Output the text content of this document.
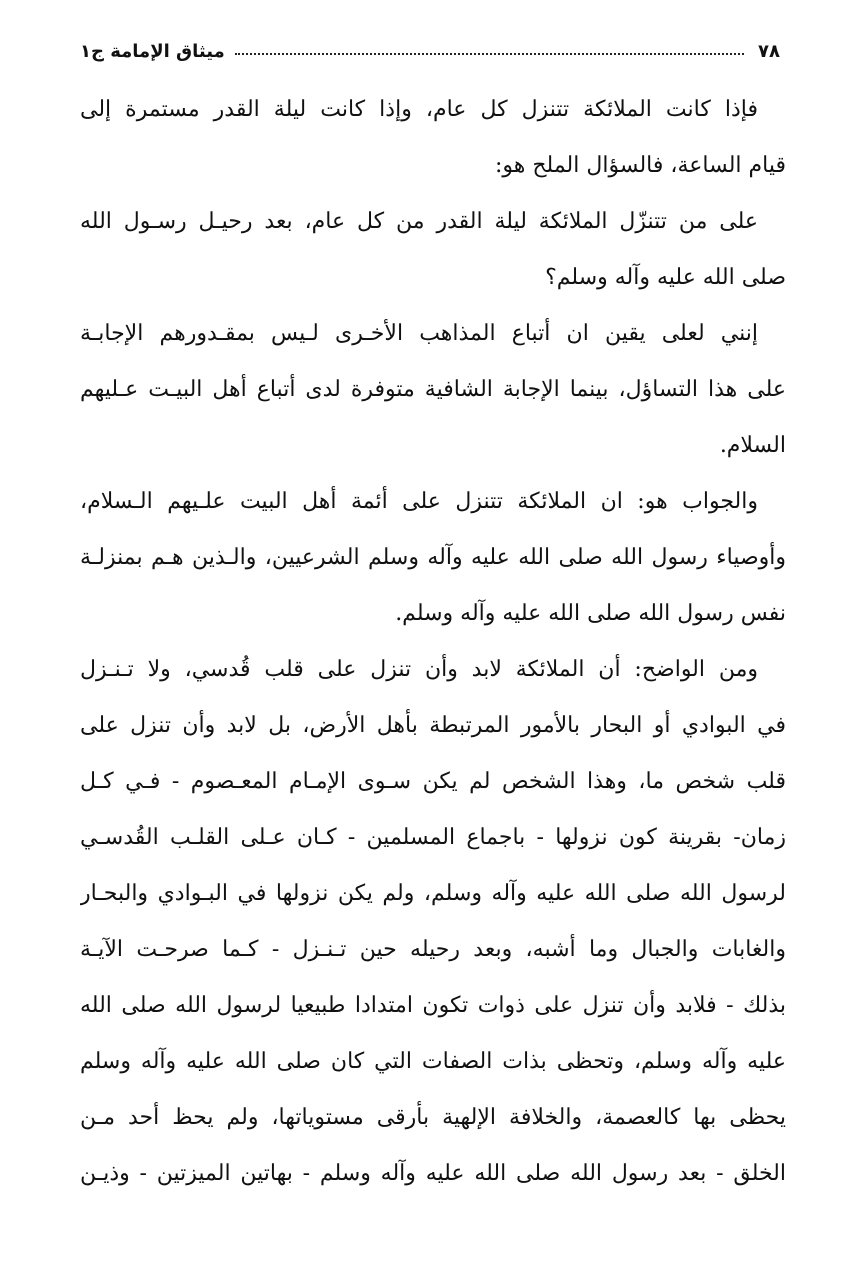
٧٨
ميثاق الإمامة ج١
فإذا كانت الملائكة تتنزل كل عام، وإذا كانت ليلة القدر مستمرة إلى
قيام الساعة، فالسؤال الملح هو:
على من تتنزّل الملائكة ليلة القدر من كل عام، بعد رحيـل رسـول الله
صلى الله عليه وآله وسلم؟
إنني لعلى يقين ان أتباع المذاهب الأخـرى لـيس بمقـدورهم الإجابـة
على هذا التساؤل، بينما الإجابة الشافية متوفرة لدى أتباع أهل البيـت عـليهم
السلام.
والجواب هو: ان الملائكة تتنزل على أئمة أهل البيت علـيهم الـسلام،
وأوصياء رسول الله صلى الله عليه وآله وسلم الشرعيين، والـذين هـم بمنزلـة
نفس رسول الله صلى الله عليه وآله وسلم.
ومن الواضح: أن الملائكة لابد وأن تنزل على قلب قُدسي، ولا تـنـزل
في البوادي أو البحار بالأمور المرتبطة بأهل الأرض، بل لابد وأن تنزل على
قلب شخص ما، وهذا الشخص لم يكن سـوى الإمـام المعـصوم - فـي كـل
زمان- بقرينة كون نزولها - باجماع المسلمين - كـان عـلى القلـب القُدسـي
لرسول الله صلى الله عليه وآله وسلم، ولم يكن نزولها في البـوادي والبحـار
والغابات والجبال وما أشبه، وبعد رحيله حين تـنـزل - كـما صرحـت الآيـة
بذلك - فلابد وأن تنزل على ذوات تكون امتدادا طبيعيا لرسول الله صلى الله
عليه وآله وسلم، وتحظى بذات الصفات التي كان صلى الله عليه وآله وسلم
يحظى بها كالعصمة، والخلافة الإلهية بأرقى مستوياتها، ولم يحظ أحد مـن
الخلق - بعد رسول الله صلى الله عليه وآله وسلم - بهاتين الميزتين - وذيـن
